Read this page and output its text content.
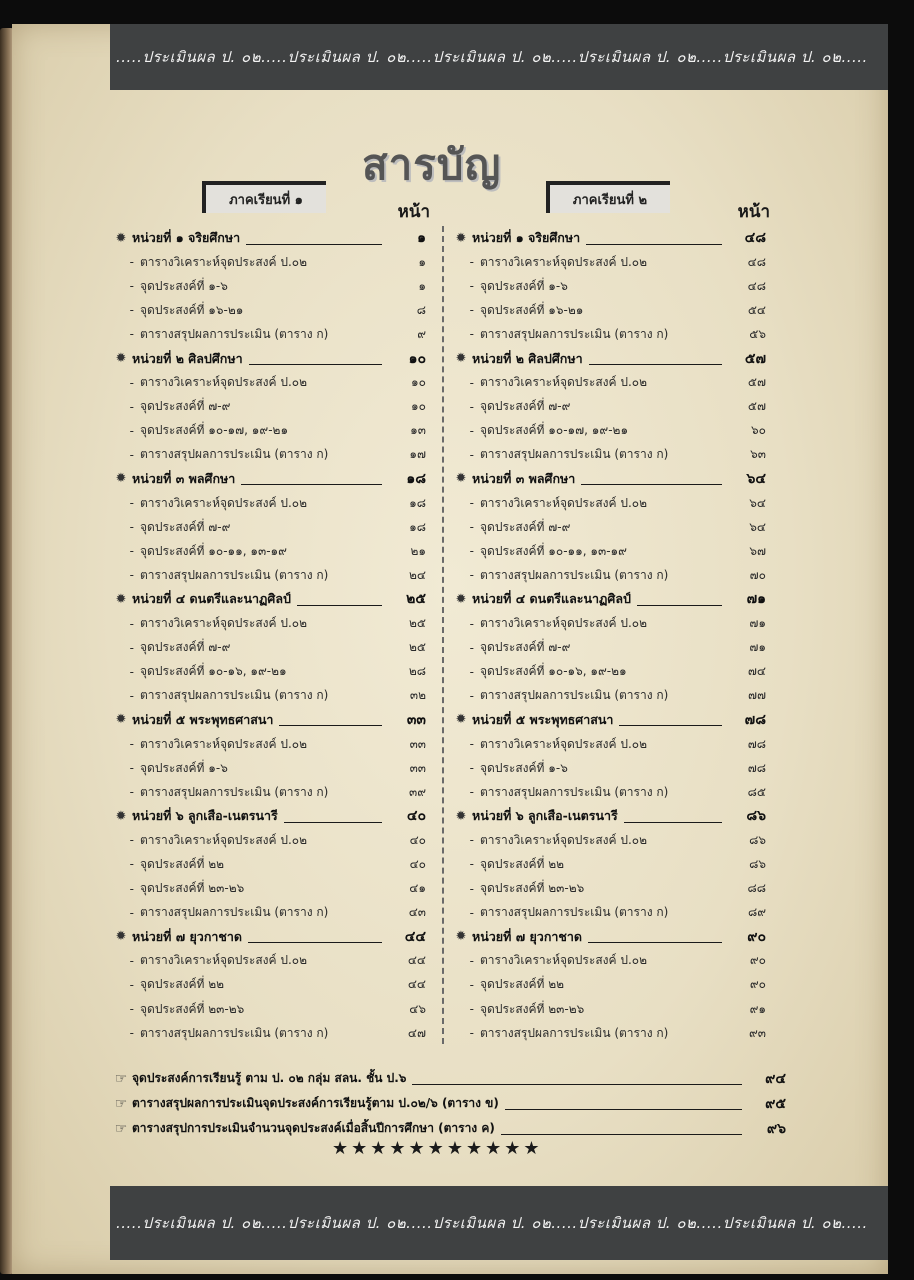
.....ประเมินผล ป. ๐๒.....ประเมินผล ป. ๐๒.....ประเมินผล ป. ๐๒.....ประเมินผล ป. ๐๒.....ประเมินผล ป. ๐๒.....
สารบัญ
ภาคเรียนที่ ๑
หน้า
✹ หน่วยที่ ๑ จริยศึกษา	๑
- ตารางวิเคราะห์จุดประสงค์ ป.๐๒	๑
- จุดประสงค์ที่ ๑-๖	๑
- จุดประสงค์ที่ ๑๖-๒๑	๘
- ตารางสรุปผลการประเมิน (ตาราง ก)	๙
✹ หน่วยที่ ๒ ศิลปศึกษา	๑๐
- ตารางวิเคราะห์จุดประสงค์ ป.๐๒	๑๐
- จุดประสงค์ที่ ๗-๙	๑๐
- จุดประสงค์ที่ ๑๐-๑๗, ๑๙-๒๑	๑๓
- ตารางสรุปผลการประเมิน (ตาราง ก)	๑๗
✹ หน่วยที่ ๓ พลศึกษา	๑๘
- ตารางวิเคราะห์จุดประสงค์ ป.๐๒	๑๘
- จุดประสงค์ที่ ๗-๙	๑๘
- จุดประสงค์ที่ ๑๐-๑๑, ๑๓-๑๙	๒๑
- ตารางสรุปผลการประเมิน (ตาราง ก)	๒๔
✹ หน่วยที่ ๔ ดนตรีและนาฏศิลป์	๒๕
- ตารางวิเคราะห์จุดประสงค์ ป.๐๒	๒๕
- จุดประสงค์ที่ ๗-๙	๒๕
- จุดประสงค์ที่ ๑๐-๑๖, ๑๙-๒๑	๒๘
- ตารางสรุปผลการประเมิน (ตาราง ก)	๓๒
✹ หน่วยที่ ๕ พระพุทธศาสนา	๓๓
- ตารางวิเคราะห์จุดประสงค์ ป.๐๒	๓๓
- จุดประสงค์ที่ ๑-๖	๓๓
- ตารางสรุปผลการประเมิน (ตาราง ก)	๓๙
✹ หน่วยที่ ๖ ลูกเสือ-เนตรนารี	๔๐
- ตารางวิเคราะห์จุดประสงค์ ป.๐๒	๔๐
- จุดประสงค์ที่ ๒๒	๔๐
- จุดประสงค์ที่ ๒๓-๒๖	๔๑
- ตารางสรุปผลการประเมิน (ตาราง ก)	๔๓
✹ หน่วยที่ ๗ ยุวกาชาด	๔๔
- ตารางวิเคราะห์จุดประสงค์ ป.๐๒	๔๔
- จุดประสงค์ที่ ๒๒	๔๔
- จุดประสงค์ที่ ๒๓-๒๖	๔๖
- ตารางสรุปผลการประเมิน (ตาราง ก)	๔๗
ภาคเรียนที่ ๒
หน้า
✹ หน่วยที่ ๑ จริยศึกษา	๔๘
- ตารางวิเคราะห์จุดประสงค์ ป.๐๒	๔๘
- จุดประสงค์ที่ ๑-๖	๔๘
- จุดประสงค์ที่ ๑๖-๒๑	๕๔
- ตารางสรุปผลการประเมิน (ตาราง ก)	๕๖
✹ หน่วยที่ ๒ ศิลปศึกษา	๕๗
- ตารางวิเคราะห์จุดประสงค์ ป.๐๒	๕๗
- จุดประสงค์ที่ ๗-๙	๕๗
- จุดประสงค์ที่ ๑๐-๑๗, ๑๙-๒๑	๖๐
- ตารางสรุปผลการประเมิน (ตาราง ก)	๖๓
✹ หน่วยที่ ๓ พลศึกษา	๖๔
- ตารางวิเคราะห์จุดประสงค์ ป.๐๒	๖๔
- จุดประสงค์ที่ ๗-๙	๖๔
- จุดประสงค์ที่ ๑๐-๑๑, ๑๓-๑๙	๖๗
- ตารางสรุปผลการประเมิน (ตาราง ก)	๗๐
✹ หน่วยที่ ๔ ดนตรีและนาฏศิลป์	๗๑
- ตารางวิเคราะห์จุดประสงค์ ป.๐๒	๗๑
- จุดประสงค์ที่ ๗-๙	๗๑
- จุดประสงค์ที่ ๑๐-๑๖, ๑๙-๒๑	๗๔
- ตารางสรุปผลการประเมิน (ตาราง ก)	๗๗
✹ หน่วยที่ ๕ พระพุทธศาสนา	๗๘
- ตารางวิเคราะห์จุดประสงค์ ป.๐๒	๗๘
- จุดประสงค์ที่ ๑-๖	๗๘
- ตารางสรุปผลการประเมิน (ตาราง ก)	๘๕
✹ หน่วยที่ ๖ ลูกเสือ-เนตรนารี	๘๖
- ตารางวิเคราะห์จุดประสงค์ ป.๐๒	๘๖
- จุดประสงค์ที่ ๒๒	๘๖
- จุดประสงค์ที่ ๒๓-๒๖	๘๘
- ตารางสรุปผลการประเมิน (ตาราง ก)	๘๙
✹ หน่วยที่ ๗ ยุวกาชาด	๙๐
- ตารางวิเคราะห์จุดประสงค์ ป.๐๒	๙๐
- จุดประสงค์ที่ ๒๒	๙๐
- จุดประสงค์ที่ ๒๓-๒๖	๙๑
- ตารางสรุปผลการประเมิน (ตาราง ก)	๙๓
☞ จุดประสงค์การเรียนรู้ ตาม ป. ๐๒ กลุ่ม สลน. ชั้น ป.๖	๙๔
☞ ตารางสรุปผลการประเมินจุดประสงค์การเรียนรู้ตาม ป.๐๒/๖ (ตาราง ข)	๙๕
☞ ตารางสรุปการประเมินจำนวนจุดประสงค์เมื่อสิ้นปีการศึกษา (ตาราง ค)	๙๖
★★★★★★★★★★★
.....ประเมินผล ป. ๐๒.....ประเมินผล ป. ๐๒.....ประเมินผล ป. ๐๒.....ประเมินผล ป. ๐๒.....ประเมินผล ป. ๐๒.....
